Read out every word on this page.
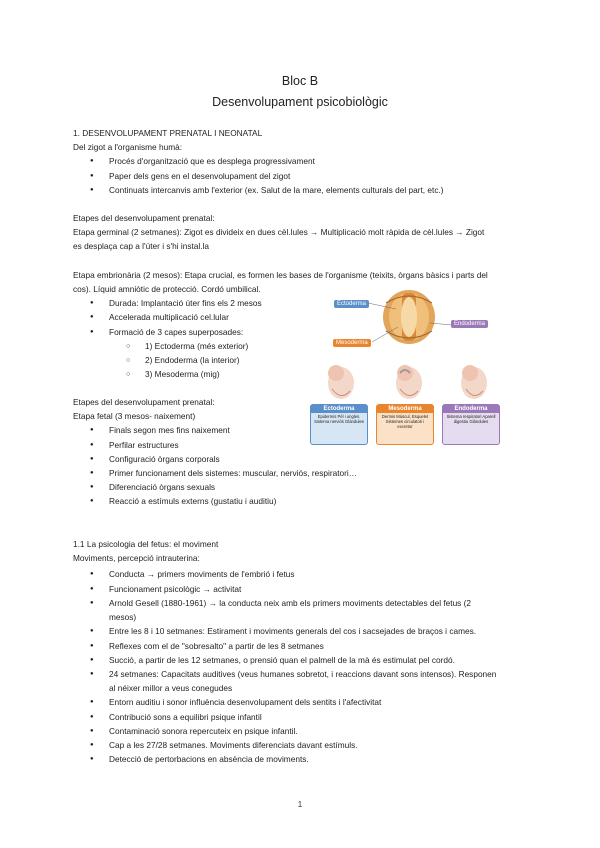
Bloc B
Desenvolupament psicobiològic
1. DESENVOLUPAMENT PRENATAL I NEONATAL
Del zigot a l'organisme humà:
● Procés d'organització que es desplega progressivament
● Paper dels gens en el desenvolupament del zigot
● Continuats intercanvis amb l'exterior (ex. Salut de la mare, elements culturals del part, etc.)
Etapes del desenvolupament prenatal:
Etapa germinal (2 setmanes): Zigot es divideix en dues cèl.lules → Multiplicació molt ràpida de cèl.lules → Zigot
es desplaça cap a l'úter i s'hi instal.la
Etapa embrionària (2 mesos): Etapa crucial, es formen les bases de l'organisme (teixits, òrgans bàsics i parts del
cos). Líquid amniòtic de protecció. Cordó umbilical.
● Durada: Implantació úter fins els 2 mesos
● Accelerada multiplicació cel.lular
● Formació de 3 capes superposades:
○ 1) Ectoderma (més exterior)
○ 2) Endoderma (la interior)
○ 3) Mesoderma (mig)
Etapes del desenvolupament prenatal:
Etapa fetal (3 mesos- naixement)
● Finals segon mes fins naixement
● Perfilar estructures
● Configuració òrgans corporals
● Primer funcionament dels sistemes: muscular, nerviós, respiratori…
● Diferenciació òrgans sexuals
● Reacció a estímuls externs (gustatiu i auditiu)
Ectoderma
Mesoderma
Endoderma
Ectoderma
Epidermis Pèl i ungles. Sistema nerviós Glàndules
Mesoderma
Dermis Múscul, Esquelet Sistemes circulatori i excretor
Endoderma
Sistema respiratori Aparell digestiu Glàndules
1.1 La psicologia del fetus: el moviment
Moviments, percepció intrauterina:
● Conducta → primers moviments de l'embrió i fetus
● Funcionament psicològic → activitat
● Arnold Gesell (1880-1961) → la conducta neix amb els primers moviments detectables del fetus (2
mesos)
● Entre les 8 i 10 setmanes: Estirament i moviments generals del cos i sacsejades de braços i cames.
● Reflexes com el de "sobresalto" a partir de les 8 setmanes
● Succió, a partir de les 12 setmanes, o prensió quan el palmell de la mà és estimulat pel cordó.
● 24 setmanes: Capacitats auditives (veus humanes sobretot, i reaccions davant sons intensos). Responen
al néixer millor a veus conegudes
● Entorn auditiu i sonor influència desenvolupament dels sentits i l'afectivitat
● Contribució sons a equilibri psique infantil
● Contaminació sonora repercuteix en psique infantil.
● Cap a les 27/28 setmanes. Moviments diferenciats davant estímuls.
● Detecció de pertorbacions en absència de moviments.
1
